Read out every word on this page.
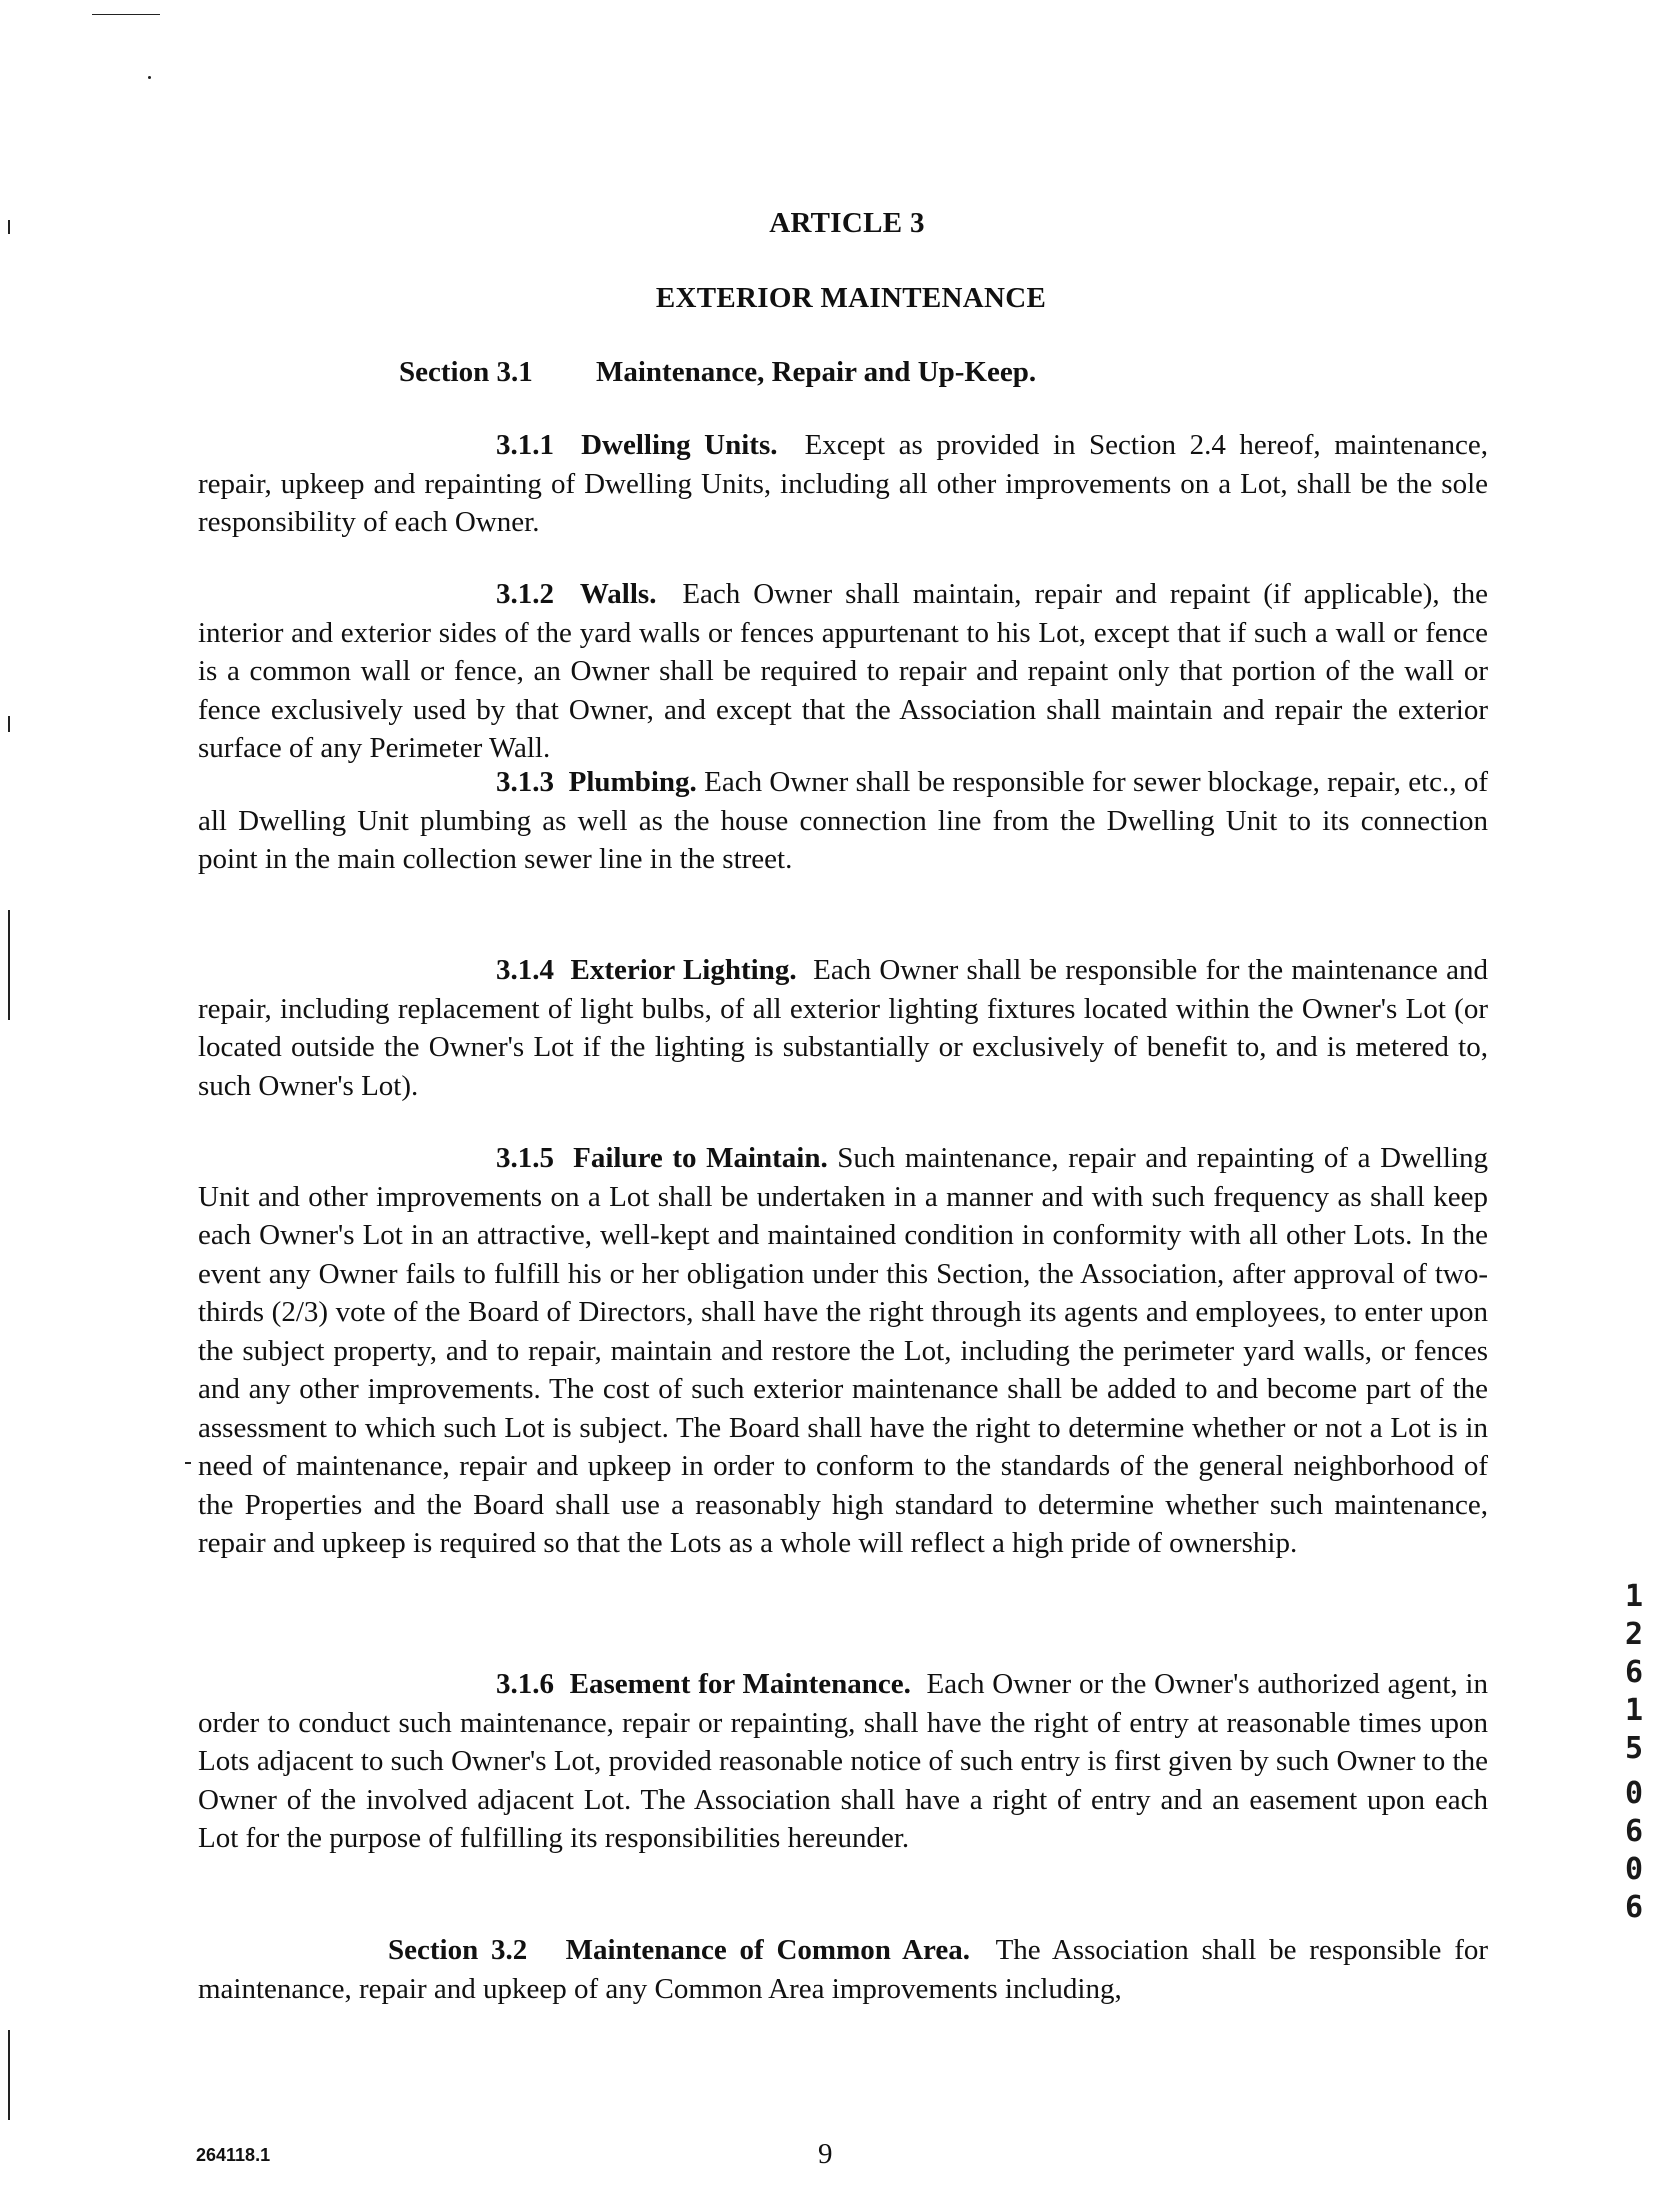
ARTICLE 3
EXTERIOR MAINTENANCE
Section 3.1 Maintenance, Repair and Up-Keep.
3.1.1 Dwelling Units. Except as provided in Section 2.4 hereof, maintenance, repair, upkeep and repainting of Dwelling Units, including all other improvements on a Lot, shall be the sole responsibility of each Owner.
3.1.2 Walls. Each Owner shall maintain, repair and repaint (if applicable), the interior and exterior sides of the yard walls or fences appurtenant to his Lot, except that if such a wall or fence is a common wall or fence, an Owner shall be required to repair and repaint only that portion of the wall or fence exclusively used by that Owner, and except that the Association shall maintain and repair the exterior surface of any Perimeter Wall.
3.1.3 Plumbing. Each Owner shall be responsible for sewer blockage, repair, etc., of all Dwelling Unit plumbing as well as the house connection line from the Dwelling Unit to its connection point in the main collection sewer line in the street.
3.1.4 Exterior Lighting. Each Owner shall be responsible for the maintenance and repair, including replacement of light bulbs, of all exterior lighting fixtures located within the Owner's Lot (or located outside the Owner's Lot if the lighting is substantially or exclusively of benefit to, and is metered to, such Owner's Lot).
3.1.5 Failure to Maintain. Such maintenance, repair and repainting of a Dwelling Unit and other improvements on a Lot shall be undertaken in a manner and with such frequency as shall keep each Owner's Lot in an attractive, well-kept and maintained condition in conformity with all other Lots. In the event any Owner fails to fulfill his or her obligation under this Section, the Association, after approval of two-thirds (2/3) vote of the Board of Directors, shall have the right through its agents and employees, to enter upon the subject property, and to repair, maintain and restore the Lot, including the perimeter yard walls, or fences and any other improvements. The cost of such exterior maintenance shall be added to and become part of the assessment to which such Lot is subject. The Board shall have the right to determine whether or not a Lot is in need of maintenance, repair and upkeep in order to conform to the standards of the general neighborhood of the Properties and the Board shall use a reasonably high standard to determine whether such maintenance, repair and upkeep is required so that the Lots as a whole will reflect a high pride of ownership.
3.1.6 Easement for Maintenance. Each Owner or the Owner's authorized agent, in order to conduct such maintenance, repair or repainting, shall have the right of entry at reasonable times upon Lots adjacent to such Owner's Lot, provided reasonable notice of such entry is first given by such Owner to the Owner of the involved adjacent Lot. The Association shall have a right of entry and an easement upon each Lot for the purpose of fulfilling its responsibilities hereunder.
Section 3.2 Maintenance of Common Area. The Association shall be responsible for maintenance, repair and upkeep of any Common Area improvements including,
264118.1	9
1
2
6
1
5
0
6
0
6
